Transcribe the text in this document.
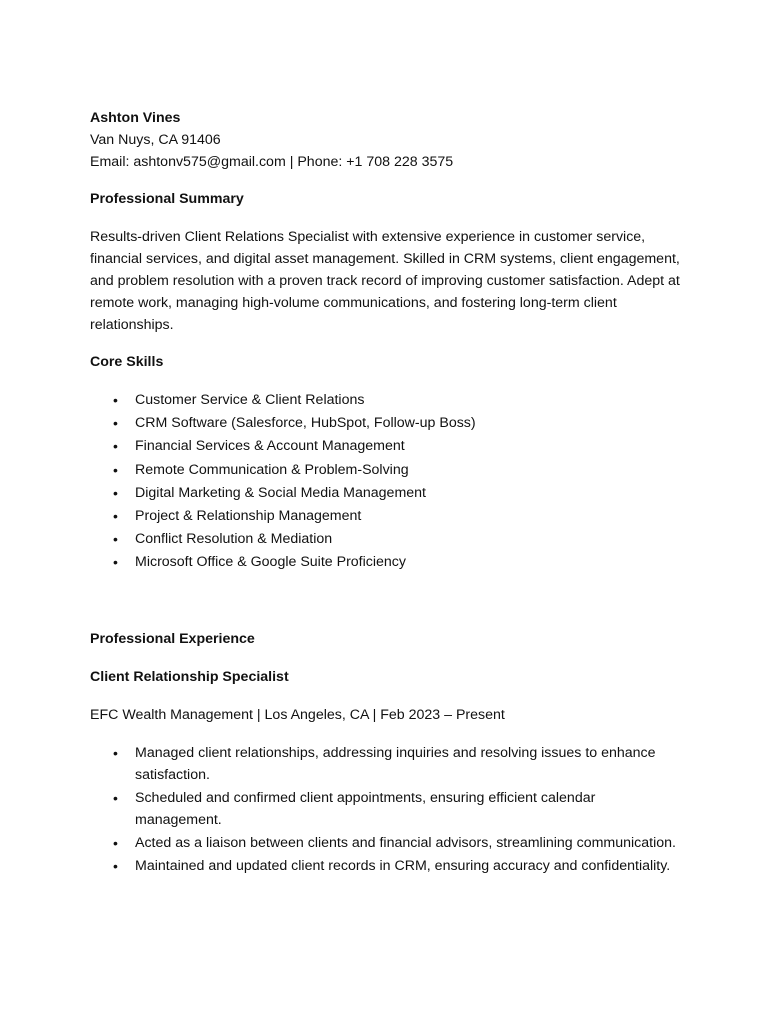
Ashton Vines

Van Nuys, CA 91406

Email: ashtonv575@gmail.com | Phone: +1 708 228 3575

Professional Summary

Results-driven Client Relations Specialist with extensive experience in customer service, financial services, and digital asset management. Skilled in CRM systems, client engagement, and problem resolution with a proven track record of improving customer satisfaction. Adept at remote work, managing high-volume communications, and fostering long-term client relationships.

Core Skills

• Customer Service & Client Relations
• CRM Software (Salesforce, HubSpot, Follow-up Boss)
• Financial Services & Account Management
• Remote Communication & Problem-Solving
• Digital Marketing & Social Media Management
• Project & Relationship Management
• Conflict Resolution & Mediation
• Microsoft Office & Google Suite Proficiency

Professional Experience

Client Relationship Specialist

EFC Wealth Management | Los Angeles, CA | Feb 2023 – Present

• Managed client relationships, addressing inquiries and resolving issues to enhance satisfaction.
• Scheduled and confirmed client appointments, ensuring efficient calendar management.
• Acted as a liaison between clients and financial advisors, streamlining communication.
• Maintained and updated client records in CRM, ensuring accuracy and confidentiality.
